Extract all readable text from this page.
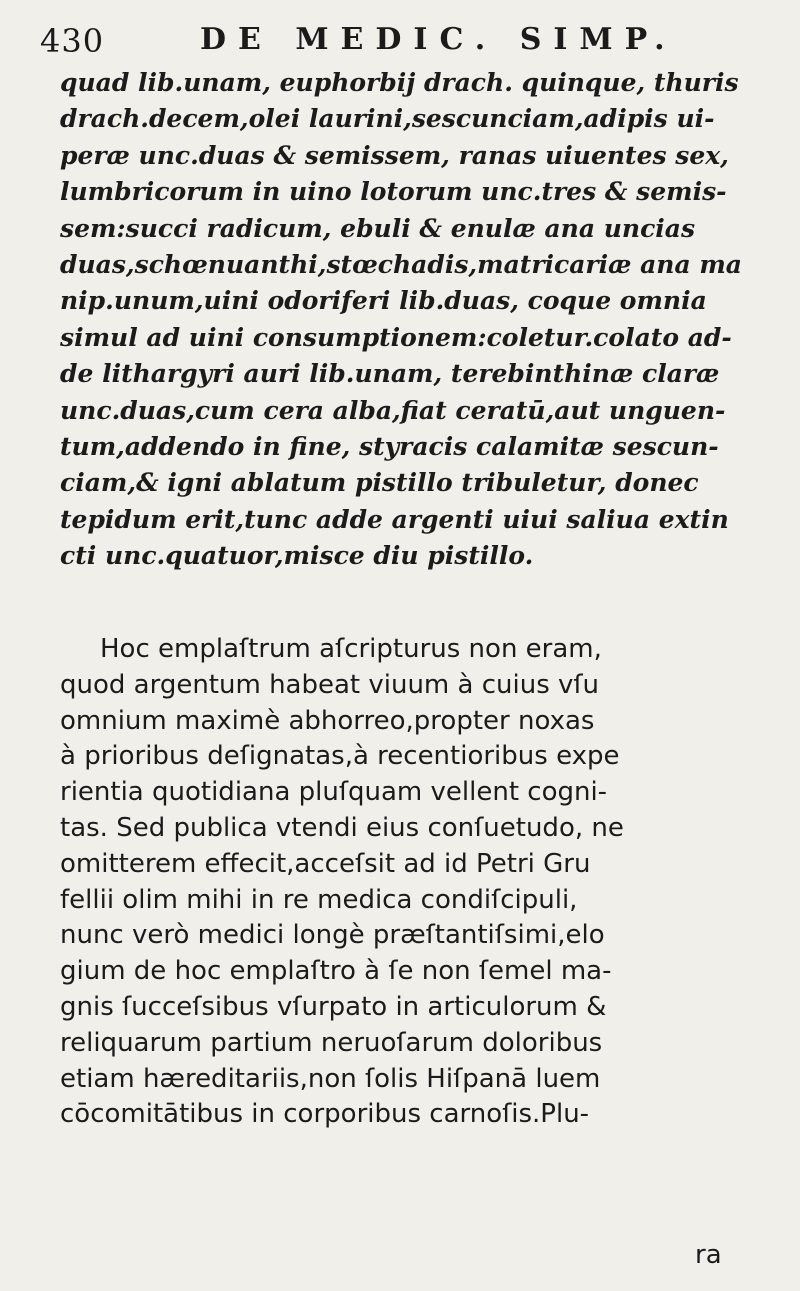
430	DE MEDIC. SIMP.
quad lib.unam, euphorbij drach. quinque, thuris
drach.decem,olei laurini,sescunciam,adipis ui-
peræ unc.duas & semissem, ranas uiuentes sex,
lumbricorum in uino lotorum unc.tres & semis-
sem:succi radicum, ebuli & enulæ ana uncias
duas,schœnuanthi,stœchadis,matricariæ ana ma
nip.unum,uini odoriferi lib.duas, coque omnia
simul ad uini consumptionem:coletur.colato ad-
de lithargyri auri lib.unam, terebinthinæ claræ
unc.duas,cum cera alba,fiat ceratū,aut unguen-
tum,addendo in fine, styracis calamitæ sescun-
ciam,& igni ablatum pistillo tribuletur, donec
tepidum erit,tunc adde argenti uiui saliua extin
cti unc.quatuor,misce diu pistillo.
Hoc emplaſtrum aſcripturus non eram,
quod argentum habeat viuum à cuius vſu
omnium maximè abhorreo,propter noxas
à prioribus deſignatas,à recentioribus expe
rientia quotidiana pluſquam vellent cogni-
tas. Sed publica vtendi eius conſuetudo, ne
omitterem effecit,acceſsit ad id Petri Gru
fellii olim mihi in re medica condiſcipuli,
nunc verò medici longè præſtantiſsimi,elo
gium de hoc emplaſtro à ſe non ſemel ma-
gnis ſucceſsibus vſurpato in articulorum &
reliquarum partium neruoſarum doloribus
etiam hæreditariis,non ſolis Hiſpanā luem
cōcomitātibus in corporibus carnoſis.Plu-
ra
